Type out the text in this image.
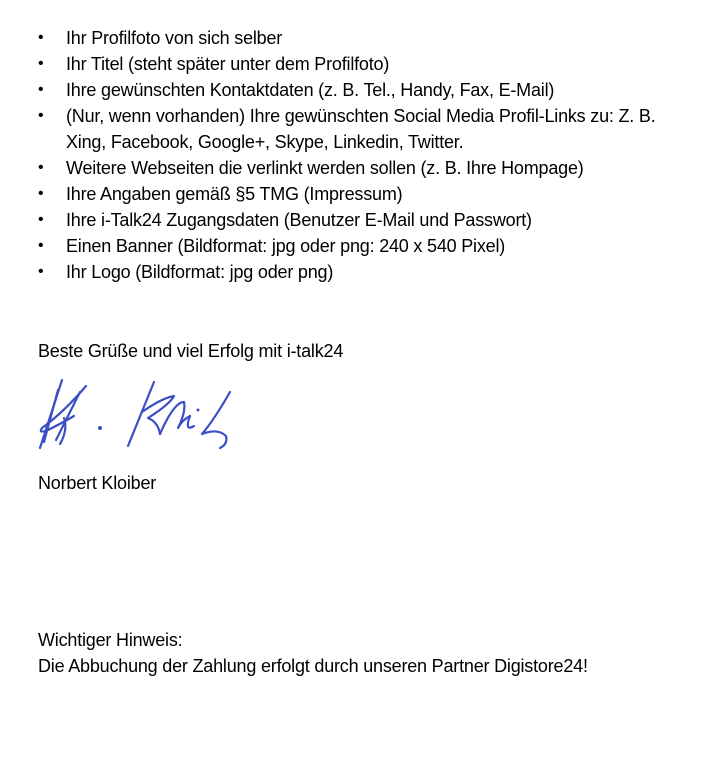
• Ihr Profilfoto von sich selber
• Ihr Titel (steht später unter dem Profilfoto)
• Ihre gewünschten Kontaktdaten (z. B. Tel., Handy, Fax, E-Mail)
• (Nur, wenn vorhanden) Ihre gewünschten Social Media Profil-Links zu: Z. B. Xing, Facebook, Google+, Skype, Linkedin, Twitter.
• Weitere Webseiten die verlinkt werden sollen (z. B. Ihre Hompage)
• Ihre Angaben gemäß §5 TMG (Impressum)
• Ihre i-Talk24 Zugangsdaten (Benutzer E-Mail und Passwort)
• Einen Banner (Bildformat: jpg oder png: 240 x 540 Pixel)
• Ihr Logo (Bildformat: jpg oder png)
Beste Grüße und viel Erfolg mit i-talk24
Norbert Kloiber
Wichtiger Hinweis:
Die Abbuchung der Zahlung erfolgt durch unseren Partner Digistore24!
